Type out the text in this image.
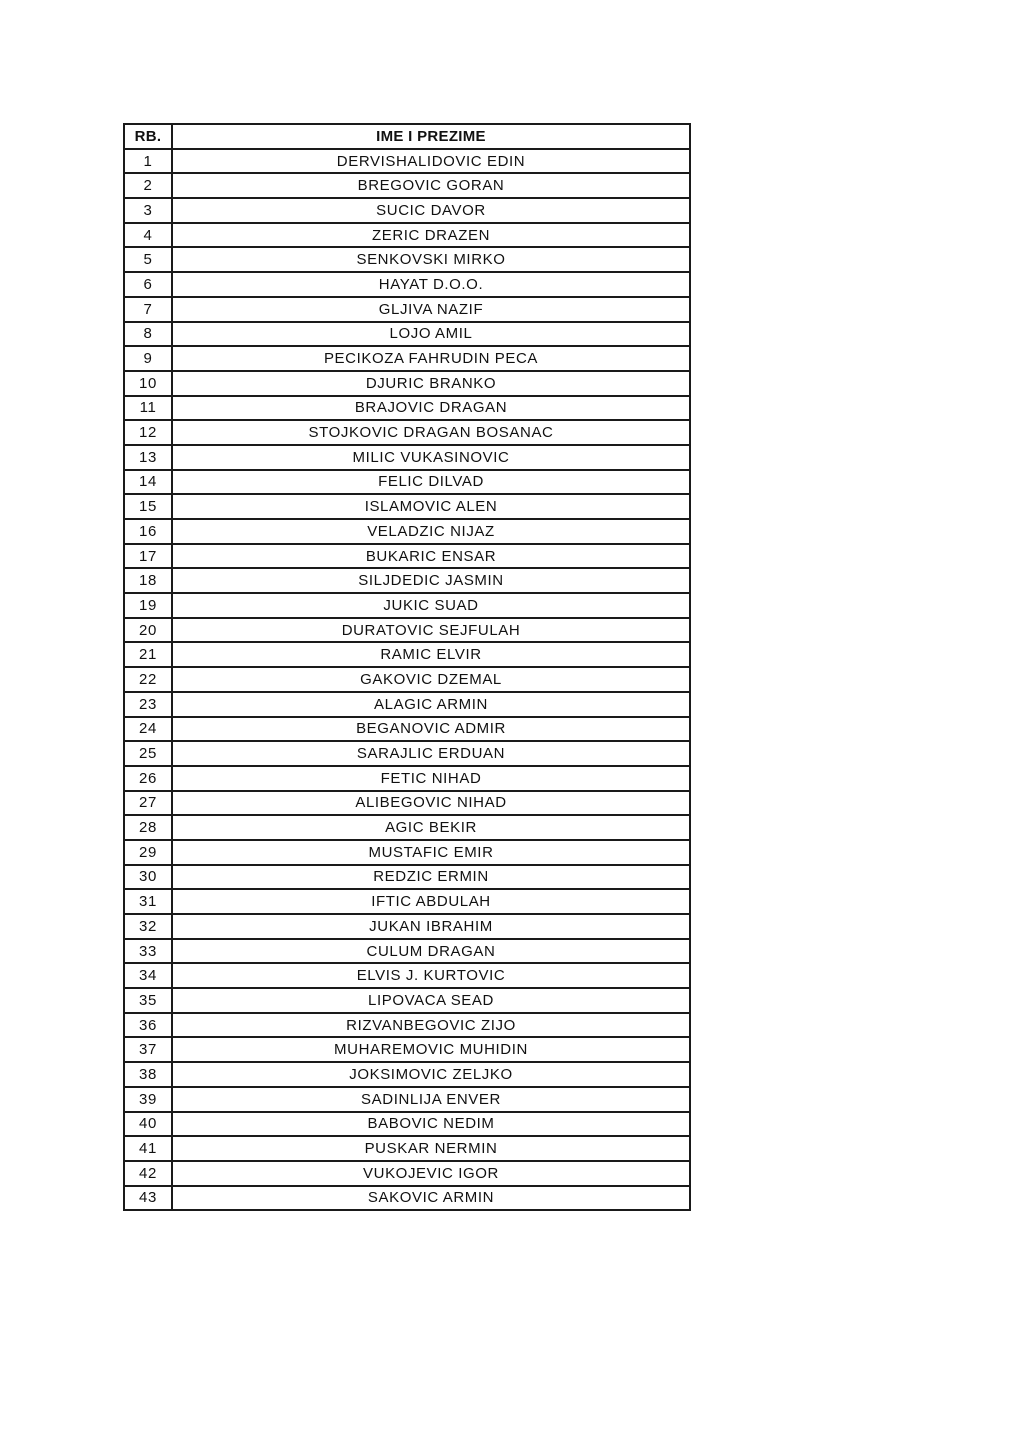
RB.	IME I PREZIME
1	DERVISHALIDOVIC EDIN
2	BREGOVIC GORAN
3	SUCIC DAVOR
4	ZERIC DRAZEN
5	SENKOVSKI MIRKO
6	HAYAT D.O.O.
7	GLJIVA NAZIF
8	LOJO AMIL
9	PECIKOZA FAHRUDIN PECA
10	DJURIC BRANKO
11	BRAJOVIC DRAGAN
12	STOJKOVIC DRAGAN BOSANAC
13	MILIC VUKASINOVIC
14	FELIC DILVAD
15	ISLAMOVIC ALEN
16	VELADZIC NIJAZ
17	BUKARIC ENSAR
18	SILJDEDIC JASMIN
19	JUKIC SUAD
20	DURATOVIC SEJFULAH
21	RAMIC ELVIR
22	GAKOVIC DZEMAL
23	ALAGIC ARMIN
24	BEGANOVIC ADMIR
25	SARAJLIC ERDUAN
26	FETIC NIHAD
27	ALIBEGOVIC NIHAD
28	AGIC BEKIR
29	MUSTAFIC EMIR
30	REDZIC ERMIN
31	IFTIC ABDULAH
32	JUKAN IBRAHIM
33	CULUM DRAGAN
34	ELVIS J. KURTOVIC
35	LIPOVACA SEAD
36	RIZVANBEGOVIC ZIJO
37	MUHAREMOVIC MUHIDIN
38	JOKSIMOVIC ZELJKO
39	SADINLIJA ENVER
40	BABOVIC NEDIM
41	PUSKAR NERMIN
42	VUKOJEVIC IGOR
43	SAKOVIC ARMIN
